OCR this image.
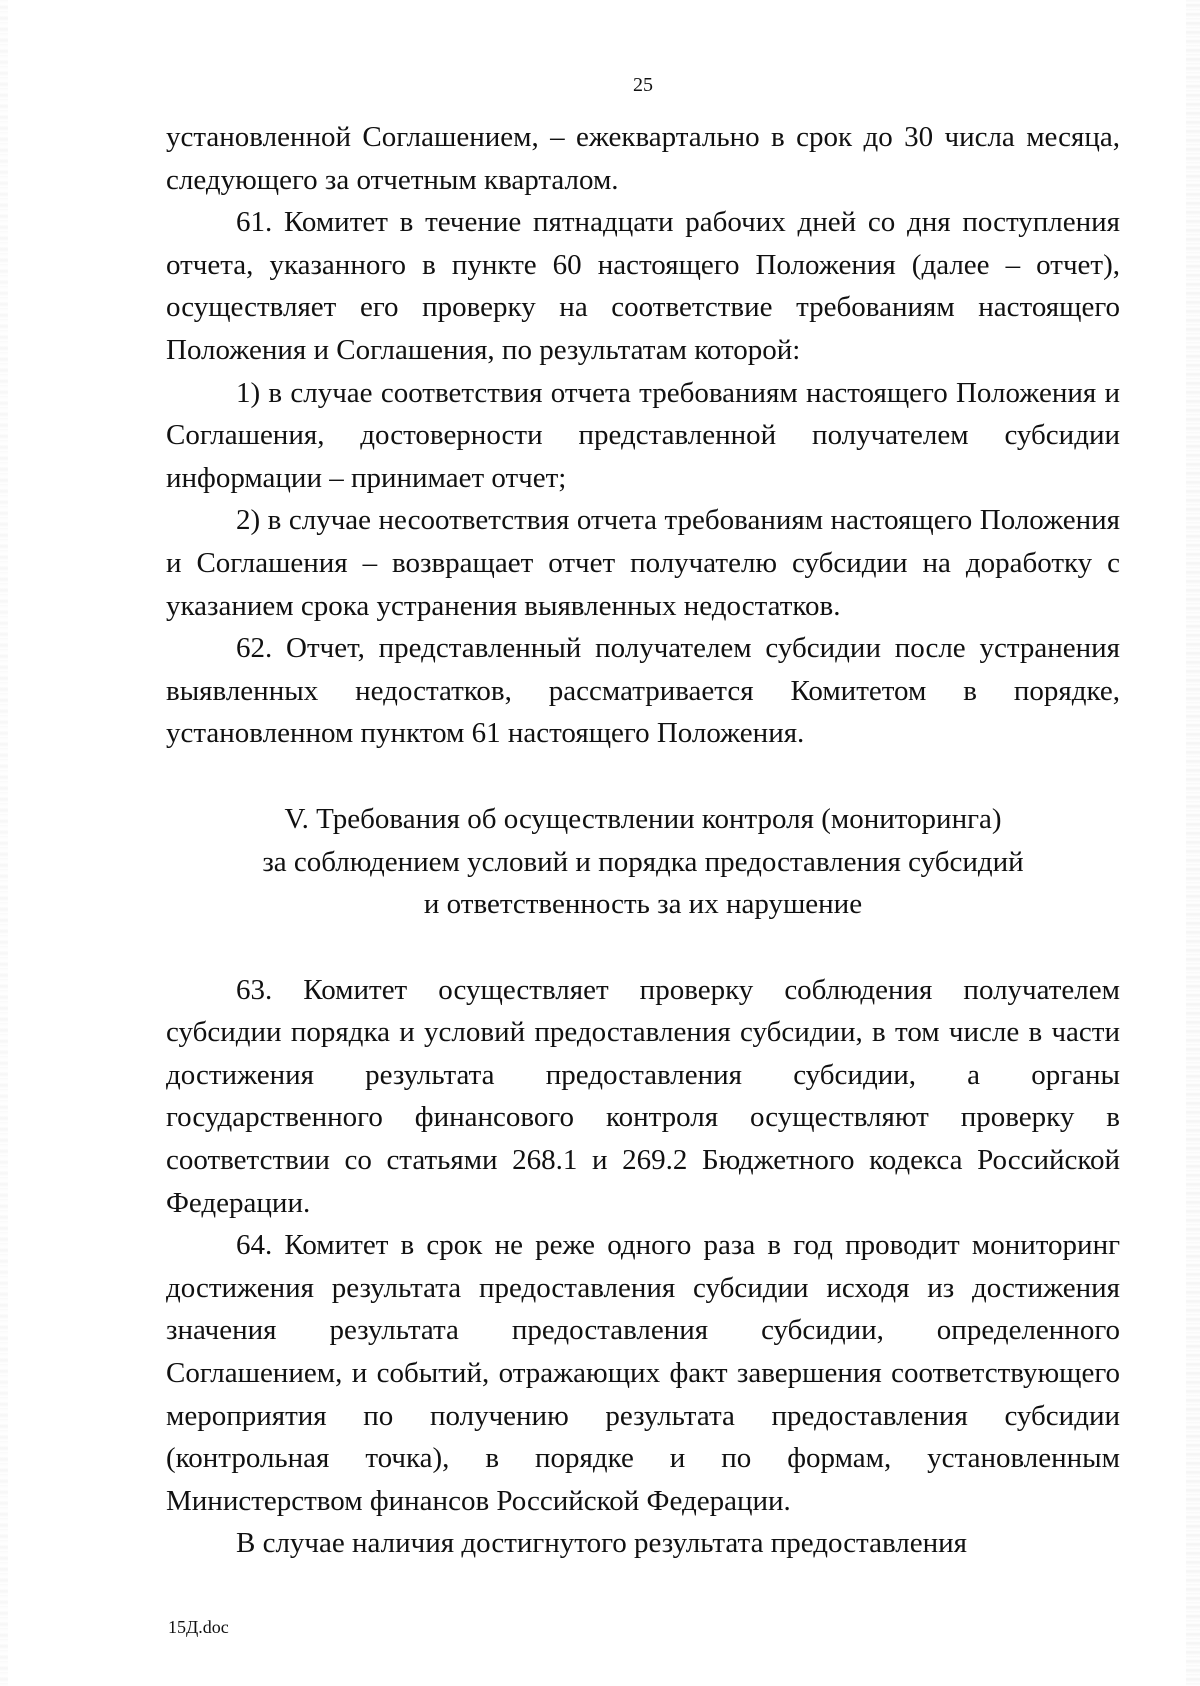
25

установленной Соглашением, – ежеквартально в срок до 30 числа месяца, следующего за отчетным кварталом.

61. Комитет в течение пятнадцати рабочих дней со дня поступления отчета, указанного в пункте 60 настоящего Положения (далее – отчет), осуществляет его проверку на соответствие требованиям настоящего Положения и Соглашения, по результатам которой:

1) в случае соответствия отчета требованиям настоящего Положения и Соглашения, достоверности представленной получателем субсидии информации – принимает отчет;

2) в случае несоответствия отчета требованиям настоящего Положения и Соглашения – возвращает отчет получателю субсидии на доработку с указанием срока устранения выявленных недостатков.

62. Отчет, представленный получателем субсидии после устранения выявленных недостатков, рассматривается Комитетом в порядке, установленном пунктом 61 настоящего Положения.

V. Требования об осуществлении контроля (мониторинга)
за соблюдением условий и порядка предоставления субсидий
и ответственность за их нарушение

63. Комитет осуществляет проверку соблюдения получателем субсидии порядка и условий предоставления субсидии, в том числе в части достижения результата предоставления субсидии, а органы государственного финансового контроля осуществляют проверку в соответствии со статьями 268.1 и 269.2 Бюджетного кодекса Российской Федерации.

64. Комитет в срок не реже одного раза в год проводит мониторинг достижения результата предоставления субсидии исходя из достижения значения результата предоставления субсидии, определенного Соглашением, и событий, отражающих факт завершения соответствующего мероприятия по получению результата предоставления субсидии (контрольная точка), в порядке и по формам, установленным Министерством финансов Российской Федерации.

В случае наличия достигнутого результата предоставления

15Д.doc
